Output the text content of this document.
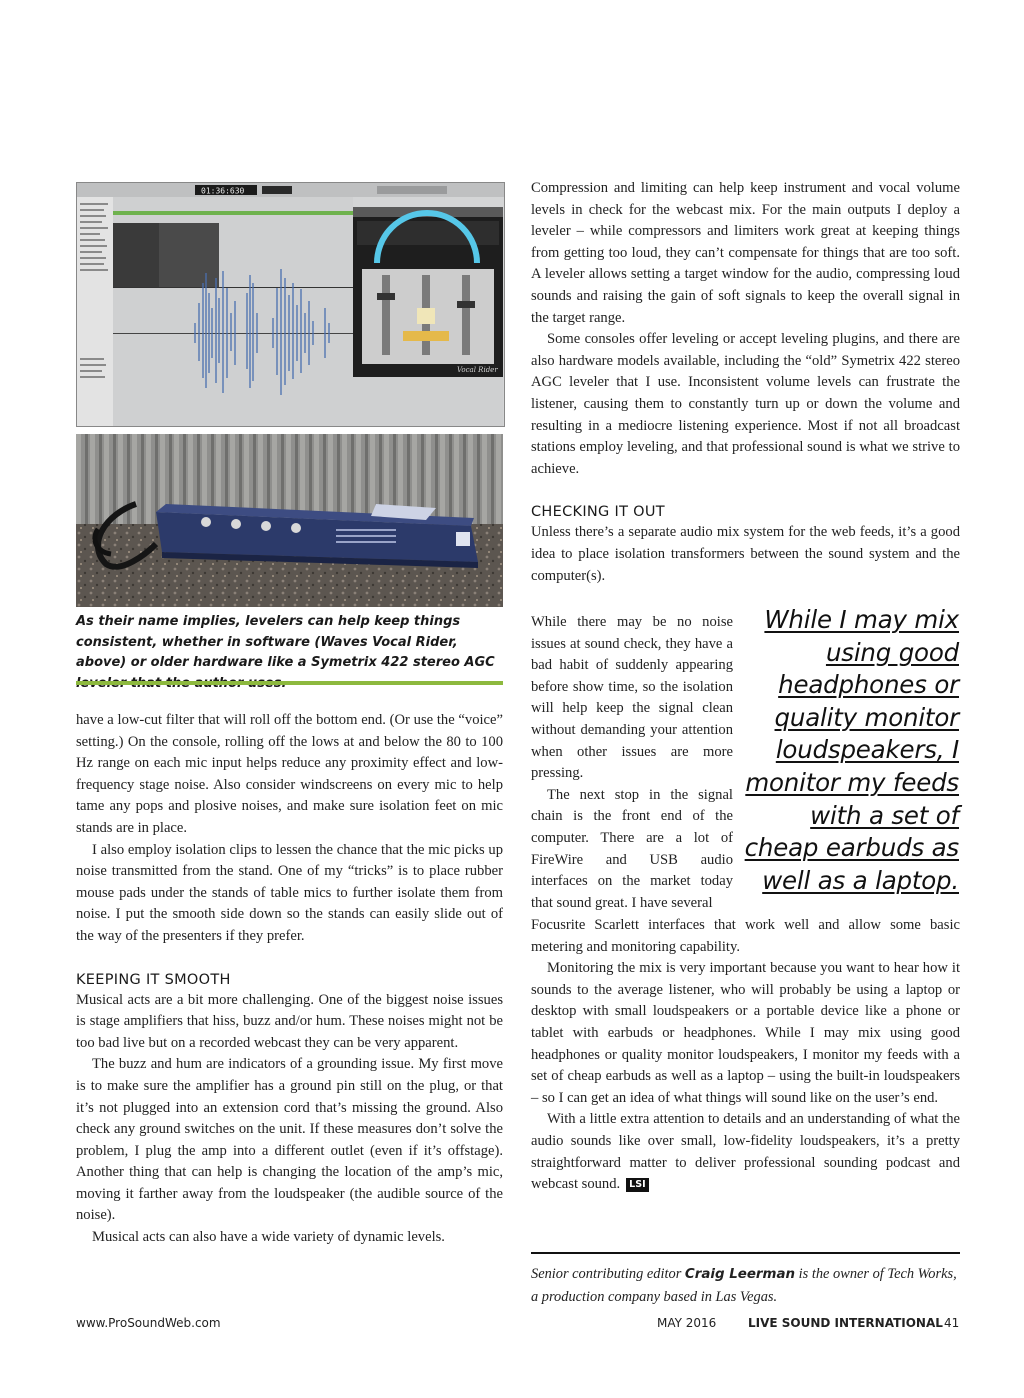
01:36:630
Vocal Rider
As their name implies, levelers can help keep things consistent, whether in software (Waves Vocal Rider, above) or older hardware like a Symetrix 422 stereo AGC

have a low-cut filter that will roll off the bottom end. (Or use the “voice” setting.) On the console, rolling off the lows at and below the 80 to 100 Hz range on each mic input helps reduce any proximity effect and low-frequency stage noise. Also consider windscreens on every mic to help tame any pops and plosive noises, and make sure isolation feet on mic stands are in place.

I also employ isolation clips to lessen the chance that the mic picks up noise transmitted from the stand. One of my “tricks” is to place rubber mouse pads under the stands of table mics to further isolate them from noise. I put the smooth side down so the stands can easily slide out of the way of the presenters if they prefer.

KEEPING IT SMOOTH

Musical acts are a bit more challenging. One of the biggest noise issues is stage amplifiers that hiss, buzz and/or hum. These noises might not be too bad live but on a recorded webcast they can be very apparent.

The buzz and hum are indicators of a grounding issue. My first move is to make sure the amplifier has a ground pin still on the plug, or that it’s not plugged into an extension cord that’s missing the ground. Also check any ground switches on the unit. If these measures don’t solve the problem, I plug the amp into a different outlet (even if it’s offstage). Another thing that can help is changing the location of the amp’s mic, moving it farther away from the loudspeaker (the audible source of the noise).

Musical acts can also have a wide variety of dynamic levels.

Compression and limiting can help keep instrument and vocal volume levels in check for the webcast mix. For the main outputs I deploy a leveler – while compressors and limiters work great at keeping things from getting too loud, they can’t compensate for things that are too soft. A leveler allows setting a target window for the audio, compressing loud sounds and raising the gain of soft signals to keep the overall signal in the target range.

Some consoles offer leveling or accept leveling plugins, and there are also hardware models available, including the “old” Symetrix 422 stereo AGC leveler that I use. Inconsistent volume levels can frustrate the listener, causing them to constantly turn up or down the volume and resulting in a mediocre listening experience. Most if not all broadcast stations employ leveling, and that professional sound is what we strive to achieve.

CHECKING IT OUT

Unless there’s a separate audio mix system for the web feeds, it’s a good idea to place isolation transformers between the sound system and the computer(s).

While there may be no noise issues at sound check, they have a bad habit of suddenly appearing before show time, so the isolation will help keep the signal clean without demanding your attention when other issues are more pressing.

The next stop in the signal chain is the front end of the computer. There are a lot of FireWire and USB audio interfaces on the market today that sound great. I have several

While I may mix using good headphones or quality monitor loudspeakers, I monitor my feeds with a set of cheap earbuds as well as a laptop.

Focusrite Scarlett interfaces that work well and allow some basic metering and monitoring capability.

Monitoring the mix is very important because you want to hear how it sounds to the average listener, who will probably be using a laptop or desktop with small loudspeakers or a portable device like a phone or tablet with earbuds or headphones. While I may mix using good headphones or quality monitor loudspeakers, I monitor my feeds with a set of cheap earbuds as well as a laptop – using the built-in loudspeakers – so I can get an idea of what things will sound like on the user’s end.

With a little extra attention to details and an understanding of what the audio sounds like over small, low-fidelity loudspeakers, it’s a pretty straightforward matter to deliver professional sounding podcast and webcast sound. LSI

Senior contributing editor Craig Leerman is the owner of Tech Works, a production company based in Las Vegas.
www.ProSoundWeb.com	MAY 2016	LIVE SOUND INTERNATIONAL 41
